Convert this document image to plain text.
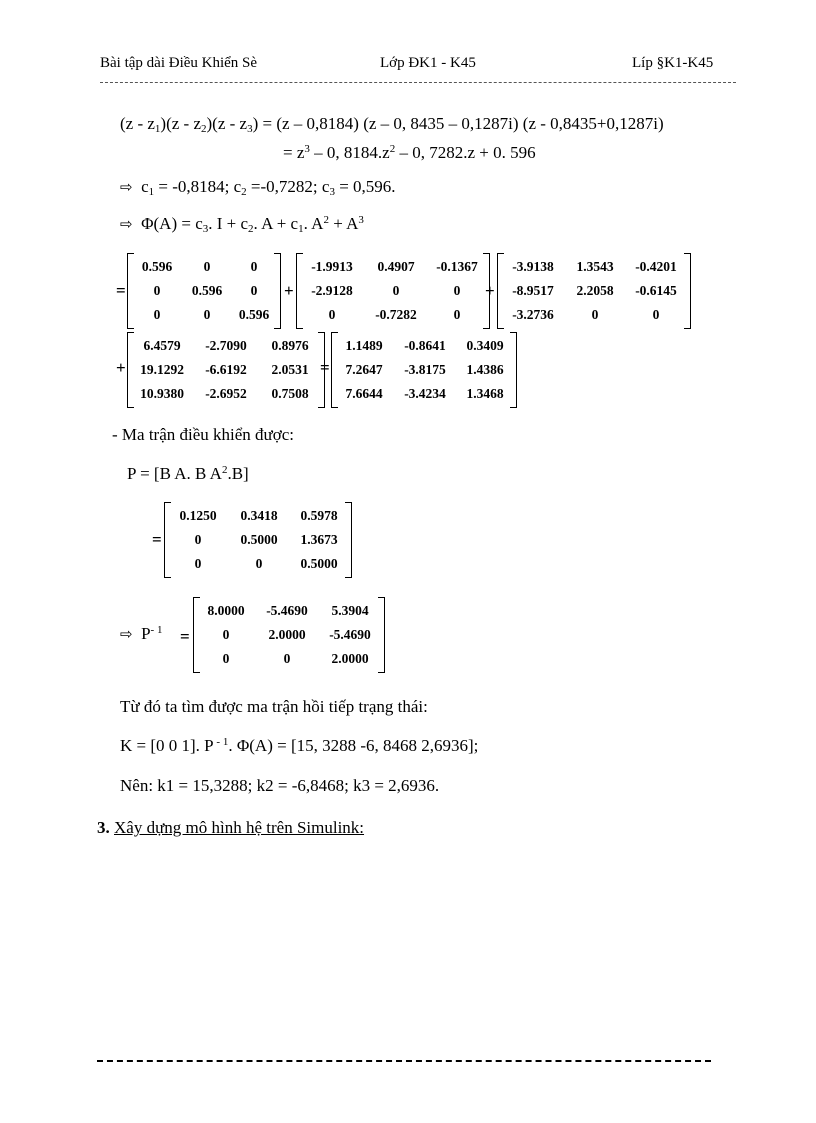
Bài tập dài Điều Khiển Sè	Lớp ĐK1 - K45	Líp §K1-K45
$(z - z_1)(z - z_2)(z - z_3) = (z - 0,8184)$ (z – 0, 8435 – 0,1287i) (z - 0,8435+0,1287i)
= $z^3 - 0$, $8184.z^2 - 0$, 7282.z + 0. 596
⇨ $c_1 = -0,8184$; $c_2 =-0,7282$; $c_3 = 0,596$.
⇨ $\Phi(A) = c_3$. $I + c_2$. $A + c_1$. $A^2 + A^3$
=
0.596	0	0
0	0.596	0
0	0	0.596
+
-1.9913	0.4907	-0.1367
-2.9128	0	0
0	-0.7282	0
+
-3.9138	1.3543	-0.4201
-8.9517	2.2058	-0.6145
-3.2736	0	0
+
6.4579	-2.7090	0.8976
19.1292	-6.6192	2.0531
10.9380	-2.6952	0.7508
=
1.1489	-0.8641	0.3409
7.2647	-3.8175	1.4386
7.6644	-3.4234	1.3468
- Ma trận điều khiển được:
P = [B A. B $A^2.B$]
=
0.1250	0.3418	0.5978
0	0.5000	1.3673
0	0	0.5000
⇨ $P^{- 1}$ =
8.0000	-5.4690	5.3904
0	2.0000	-5.4690
0	0	2.0000
Từ đó ta tìm được ma trận hồi tiếp trạng thái:
K = [0 0 1]. P $^{- 1}$. Φ(A) = [15, 3288 -6, 8468 2,6936];
Nên: k1 = 15,3288; k2 = -6,8468; k3 = 2,6936.
3. Xây dựng mô hình hệ trên Simulink:
